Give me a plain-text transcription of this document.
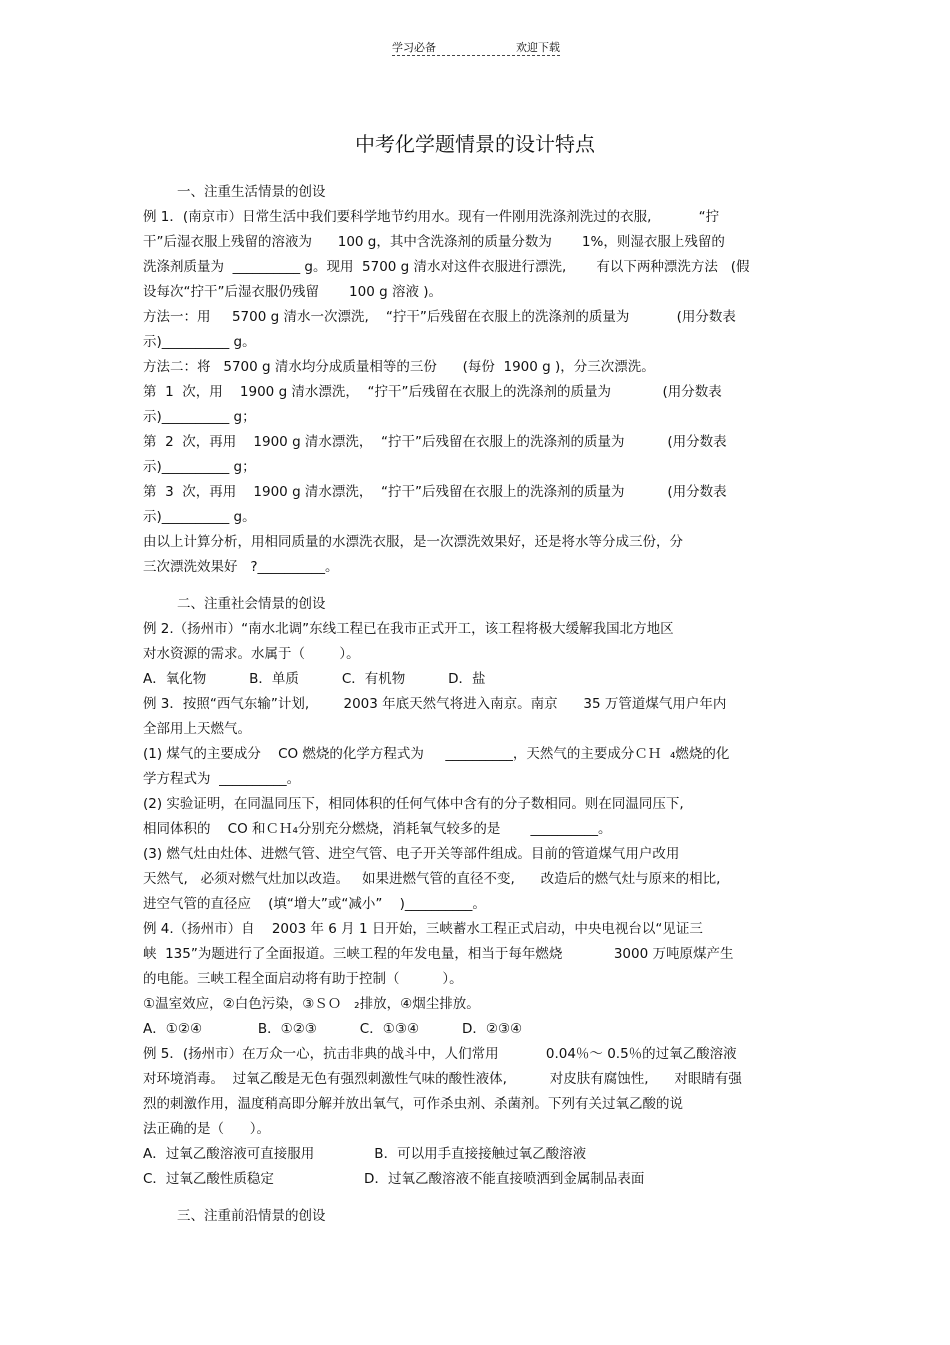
学习必备	欢迎下载
中考化学题情景的设计特点
一、注重生活情景的创设
例 1．(南京市）日常生活中我们要科学地节约用水。现有一件刚用洗涤剂洗过的衣服,           “拧
干”后湿衣服上残留的溶液为      100 g，其中含洗涤剂的质量分数为       1%，则湿衣服上残留的
洗涤剂质量为  __________ g。现用  5700 g 清水对这件衣服进行漂洗,       有以下两种漂洗方法   (假
设每次“拧干”后湿衣服仍残留       100 g 溶液 )。
方法一：用     5700 g 清水一次漂洗,    “拧干”后残留在衣服上的洗涤剂的质量为           (用分数表
示)__________ g。
方法二：将   5700 g 清水均分成质量相等的三份      (每份  1900 g )，分三次漂洗。
第  1  次，用    1900 g 清水漂洗，  “拧干”后残留在衣服上的洗涤剂的质量为            (用分数表
示)__________ g；
第  2  次，再用    1900 g 清水漂洗，  “拧干”后残留在衣服上的洗涤剂的质量为          (用分数表
示)__________ g；
第  3  次，再用    1900 g 清水漂洗，  “拧干”后残留在衣服上的洗涤剂的质量为          (用分数表
示)__________ g。
由以上计算分析，用相同质量的水漂洗衣服，是一次漂洗效果好，还是将水等分成三份，分
三次漂洗效果好   ?__________。
二、注重社会情景的创设
例 2.（扬州市）“南水北调”东线工程已在我市正式开工，该工程将极大缓解我国北方地区
对水资源的需求。水属于（        ）。
A．氧化物          B．单质          C．有机物          D．盐
例 3．按照“西气东输”计划,        2003 年底天然气将进入南京。南京      35 万管道煤气用户年内
全部用上天燃气。
(1) 煤气的主要成分    CO 燃烧的化学方程式为     __________，天然气的主要成分ＣＨ  ₄燃烧的化
学方程式为  __________。
(2) 实验证明，在同温同压下，相同体积的任何气体中含有的分子数相同。则在同温同压下,
相同体积的    CO 和ＣＨ₄分别充分燃烧，消耗氧气较多的是       __________。
(3) 燃气灶由灶体、进燃气管、进空气管、电子开关等部件组成。目前的管道煤气用户改用
天然气,   必须对燃气灶加以改造。   如果进燃气管的直径不变,      改造后的燃气灶与原来的相比,
进空气管的直径应    (填“增大”或“减小”    )__________。
例 4.（扬州市）自    2003 年 6 月 1 日开始，三峡蓄水工程正式启动，中央电视台以“见证三
峡  135”为题进行了全面报道。三峡工程的年发电量，相当于每年燃烧            3000 万吨原煤产生
的电能。三峡工程全面启动将有助于控制（          ）。
①温室效应，②白色污染，③ＳＯ   ₂排放，④烟尘排放。
A．①②④             B．①②③          C．①③④          D．②③④
例 5．(扬州市）在万众一心，抗击非典的战斗中，人们常用           0.04％～ 0.5％的过氧乙酸溶液
对环境消毒。  过氧乙酸是无色有强烈刺激性气味的酸性液体,          对皮肤有腐蚀性,      对眼睛有强
烈的刺激作用，温度稍高即分解并放出氧气，可作杀虫剂、杀菌剂。下列有关过氧乙酸的说
法正确的是（      ）。
A．过氧乙酸溶液可直接服用              B．可以用手直接接触过氧乙酸溶液
C．过氧乙酸性质稳定                     D．过氧乙酸溶液不能直接喷洒到金属制品表面
三、注重前沿情景的创设
